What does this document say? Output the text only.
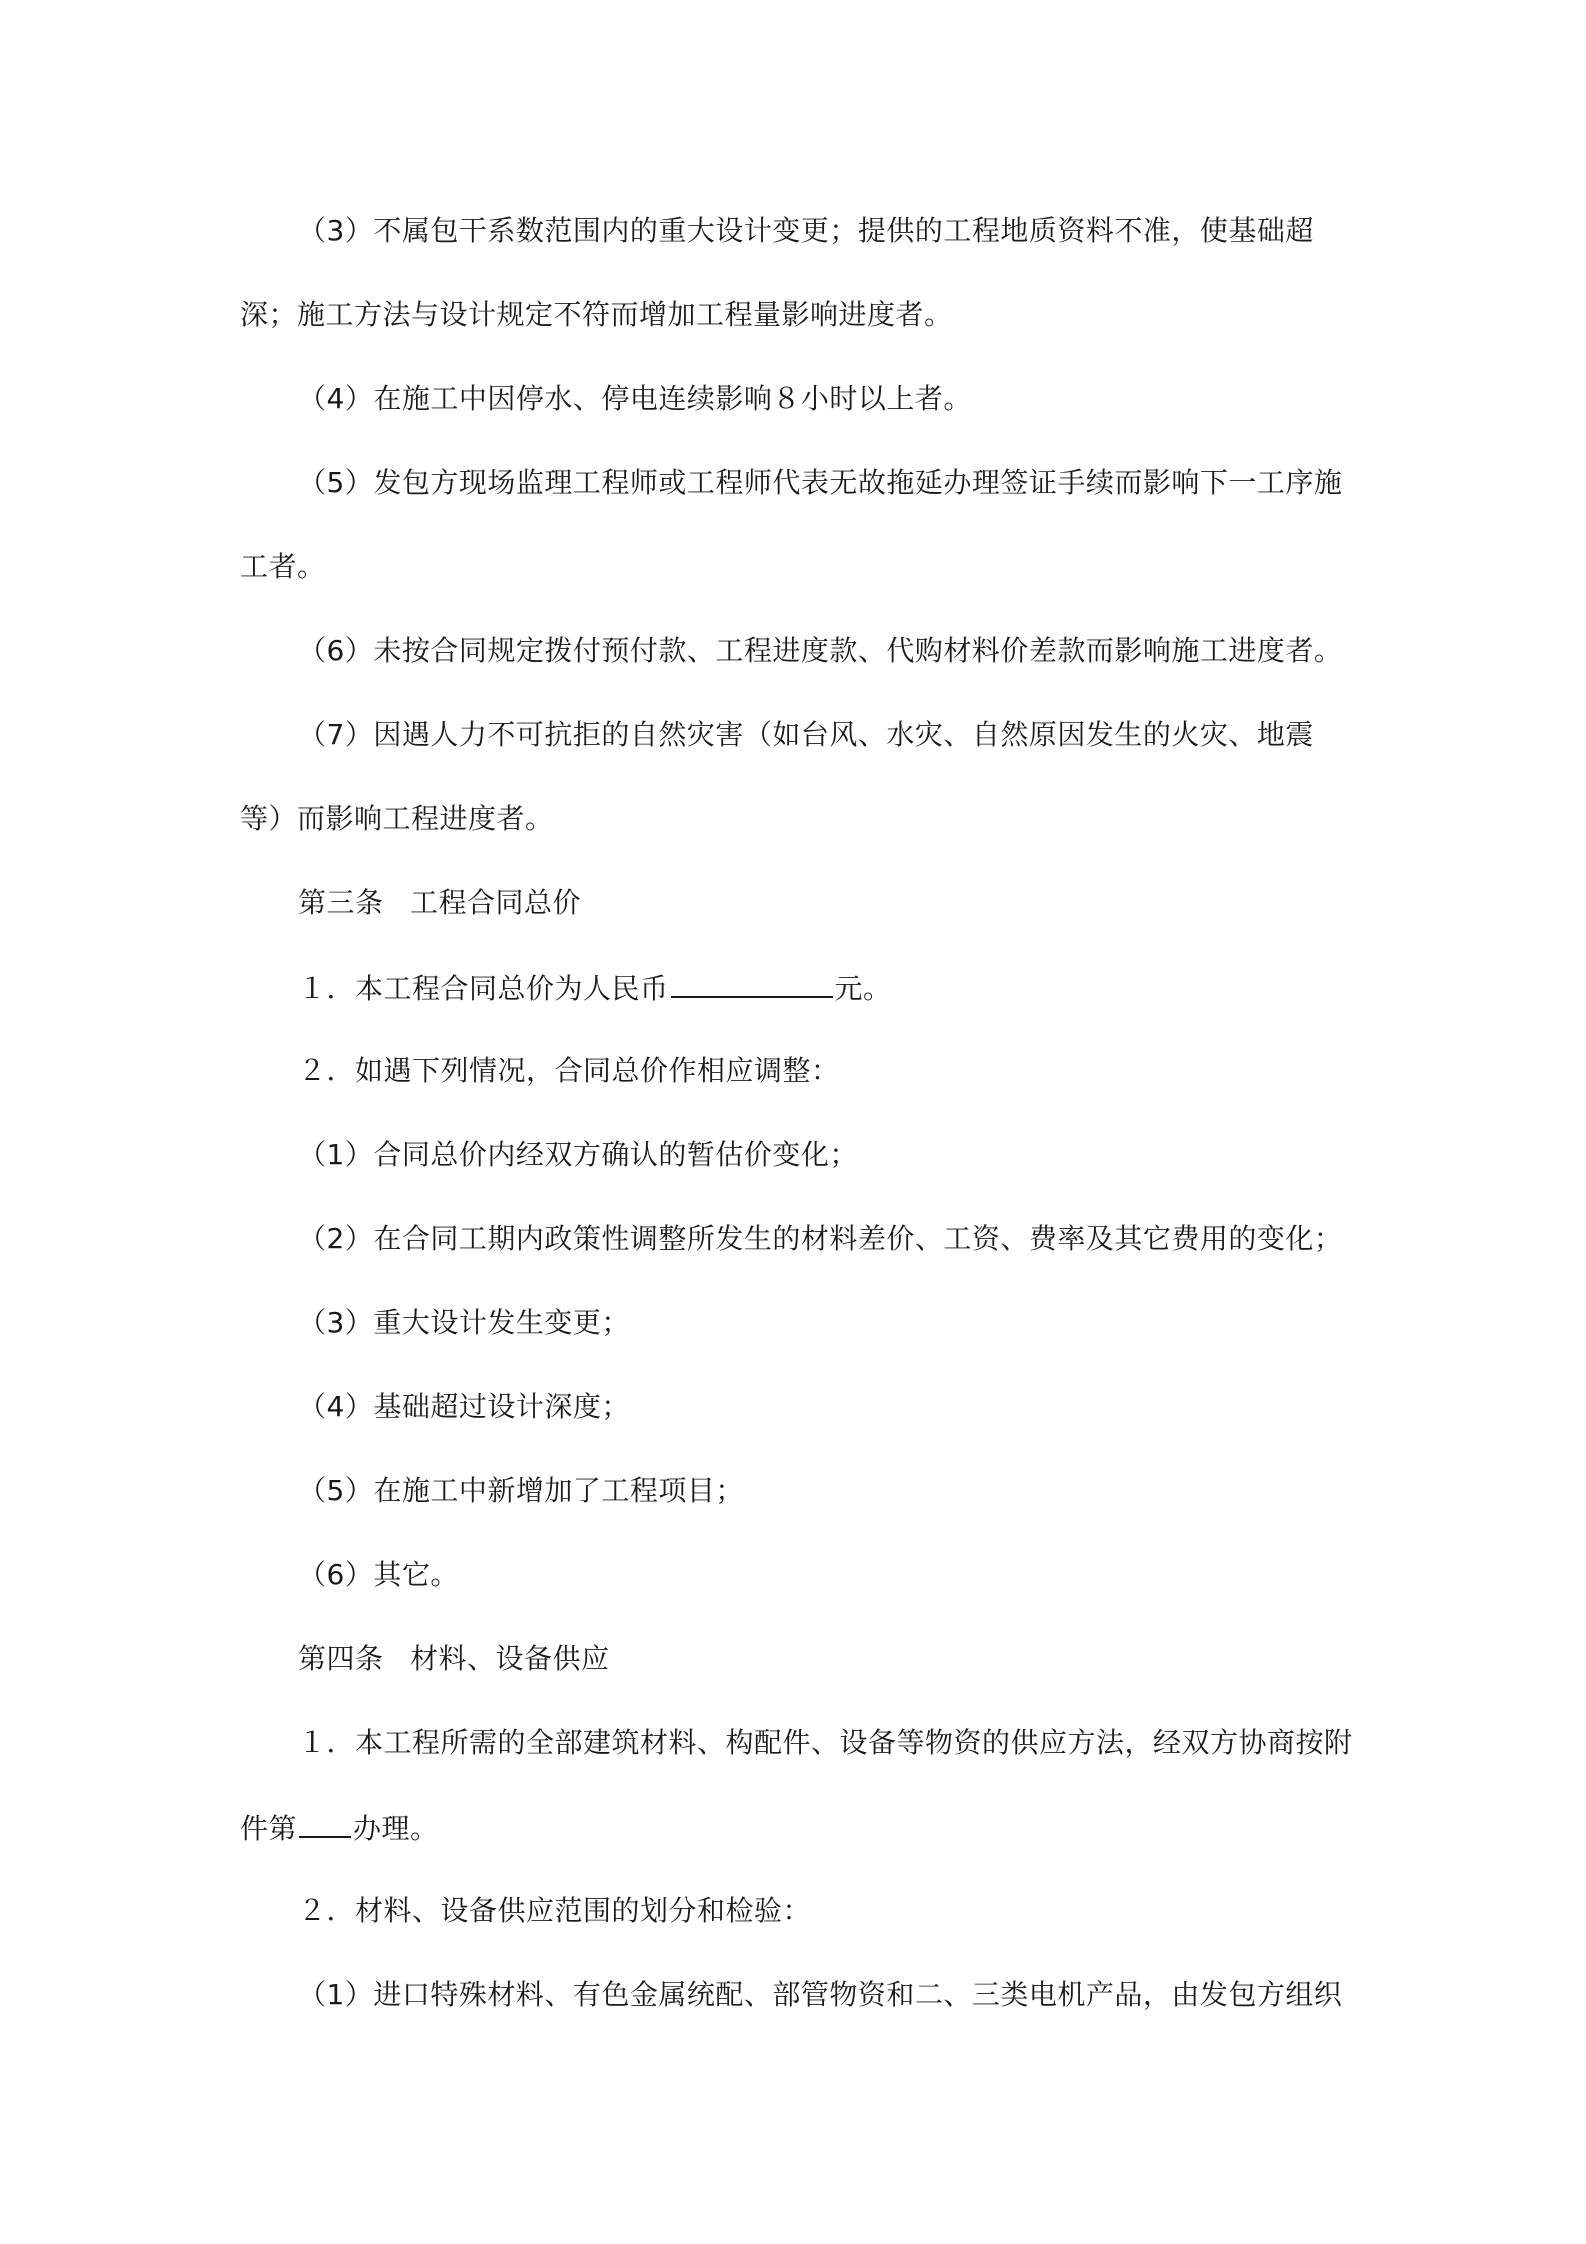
（3）不属包干系数范围内的重大设计变更；提供的工程地质资料不准，使基础超
深；施工方法与设计规定不符而增加工程量影响进度者。
（4）在施工中因停水、停电连续影响８小时以上者。
（5）发包方现场监理工程师或工程师代表无故拖延办理签证手续而影响下一工序施
工者。
（6）未按合同规定拨付预付款、工程进度款、代购材料价差款而影响施工进度者。
（7）因遇人力不可抗拒的自然灾害（如台风、水灾、自然原因发生的火灾、地震
等）而影响工程进度者。
第三条 工程合同总价
１．本工程合同总价为人民币	元。
２．如遇下列情况，合同总价作相应调整：
（1）合同总价内经双方确认的暂估价变化；
（2）在合同工期内政策性调整所发生的材料差价、工资、费率及其它费用的变化；
（3）重大设计发生变更；
（4）基础超过设计深度；
（5）在施工中新增加了工程项目；
（6）其它。
第四条 材料、设备供应
１．本工程所需的全部建筑材料、构配件、设备等物资的供应方法，经双方协商按附
件第 办理。
２．材料、设备供应范围的划分和检验：
（1）进口特殊材料、有色金属统配、部管物资和二、三类电机产品，由发包方组织
